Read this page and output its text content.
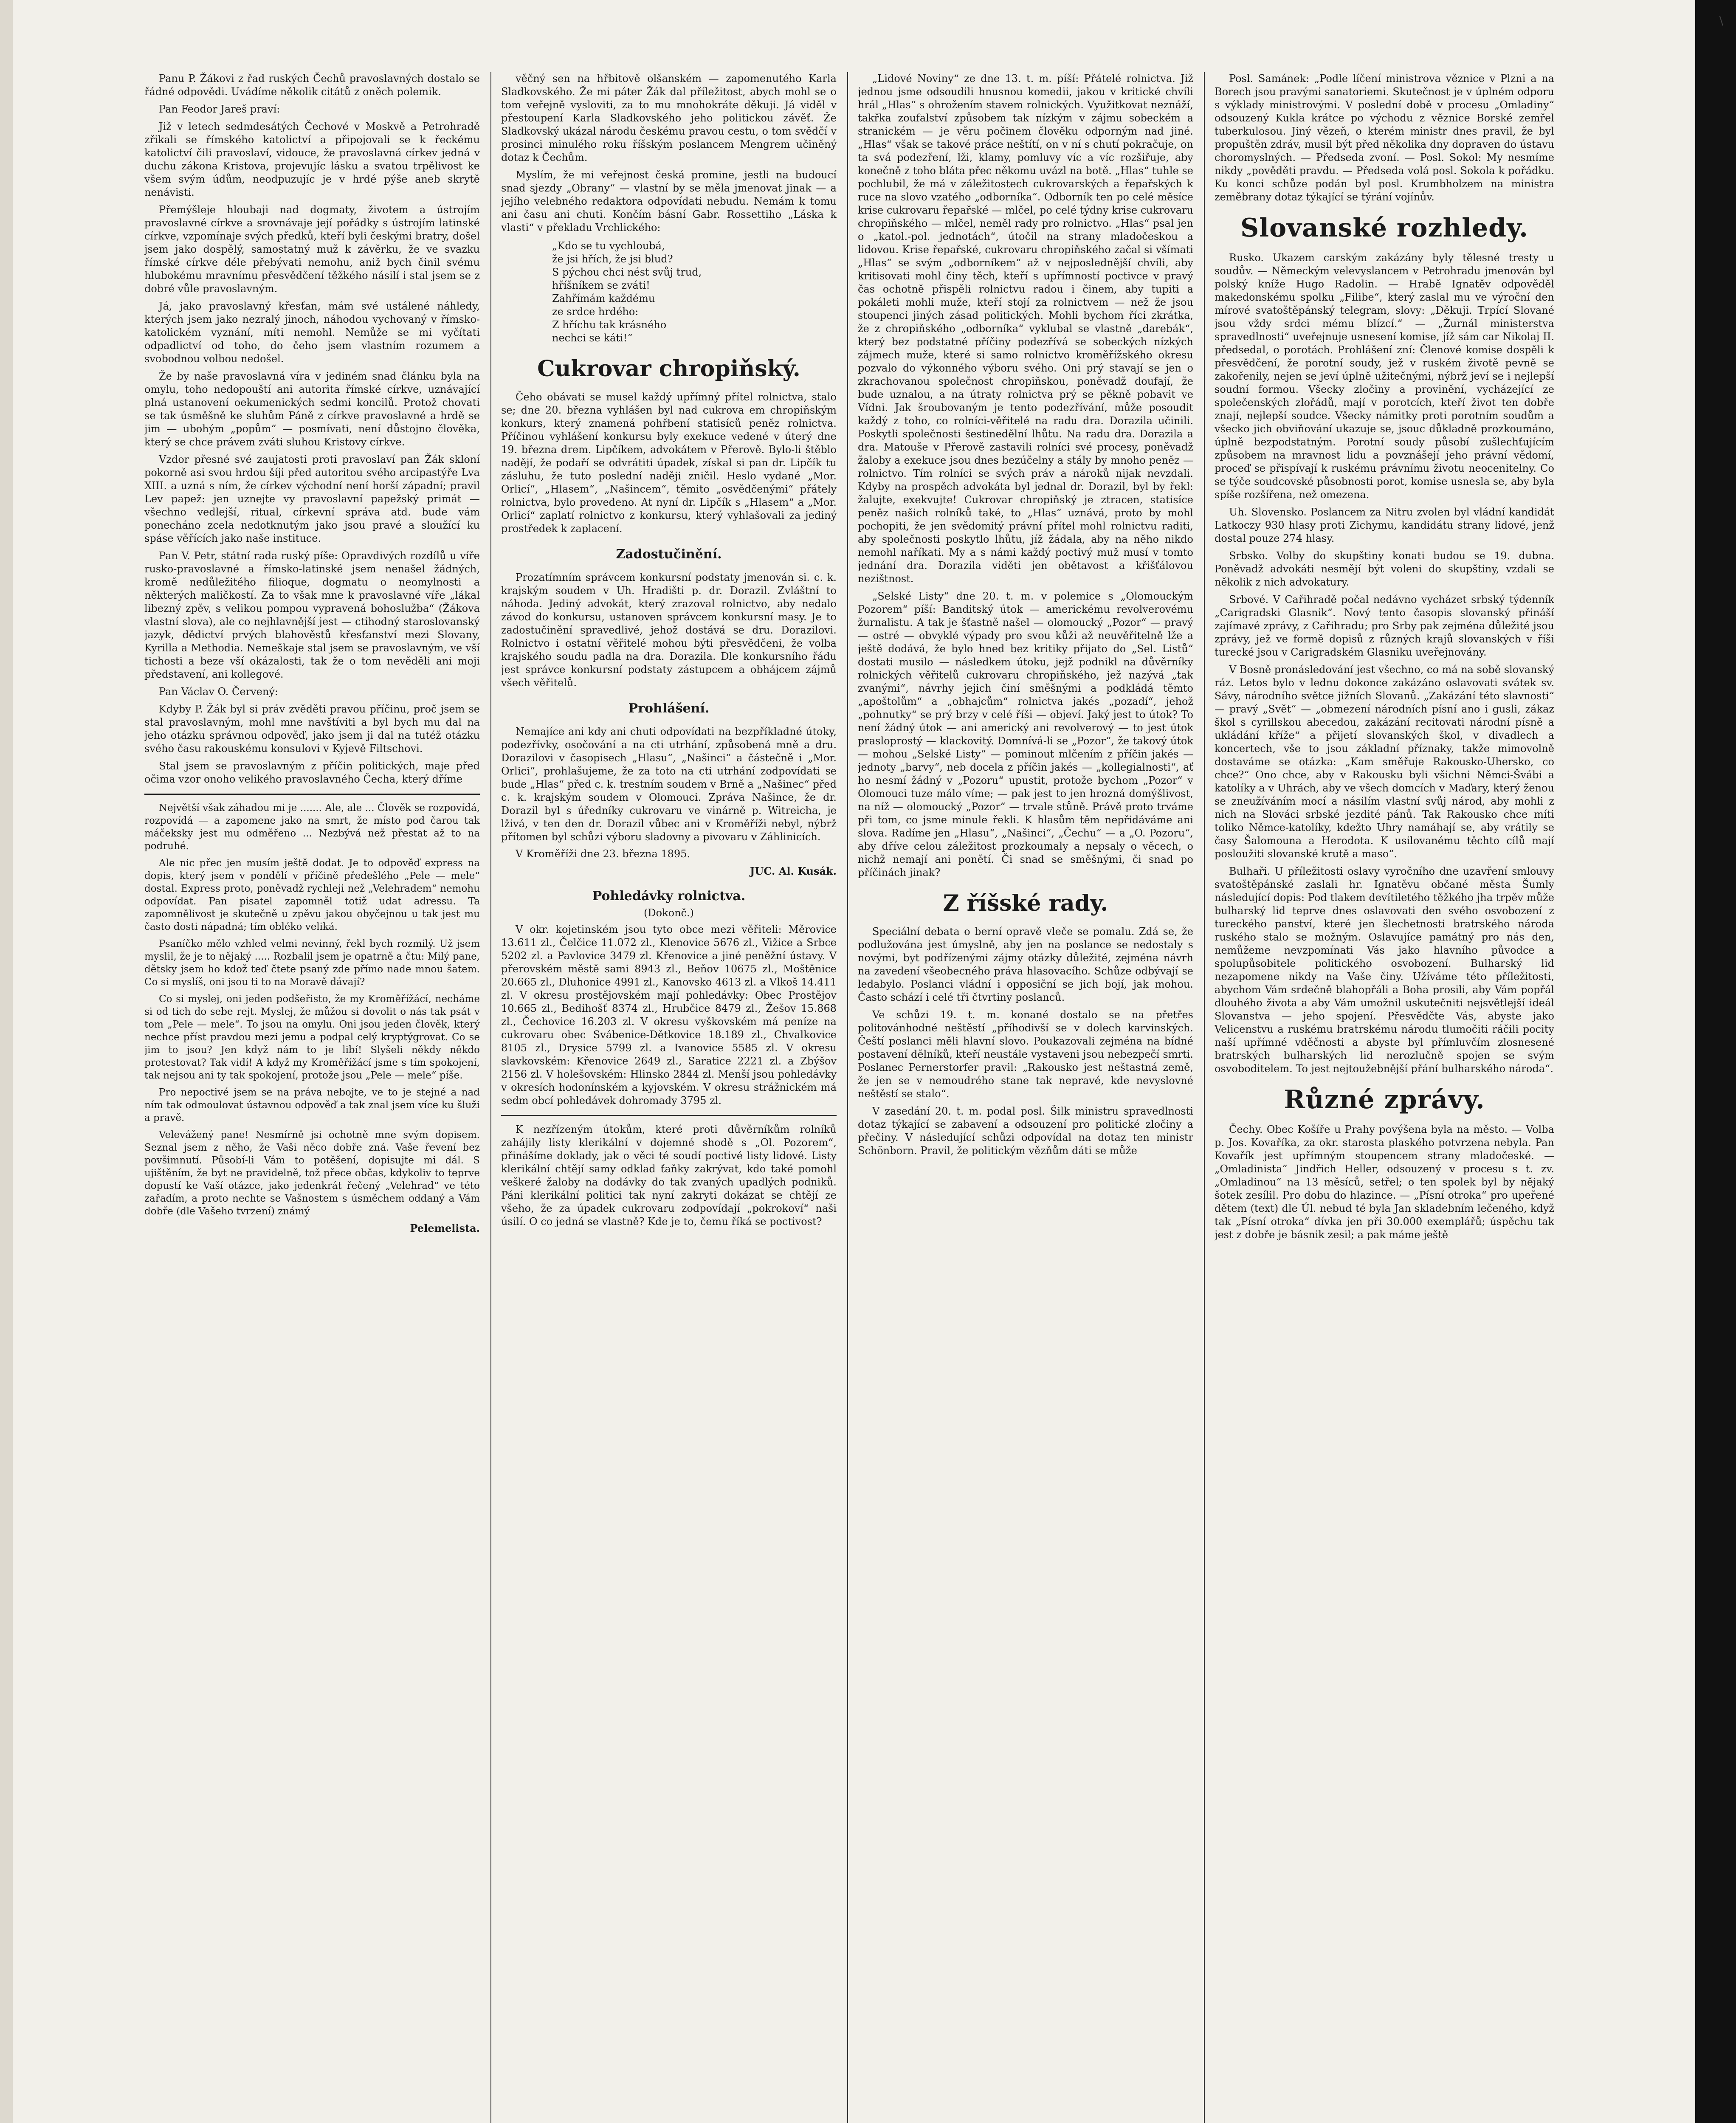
\

Panu P. Žákovi z řad ruských Čechů pravoslavných dostalo se řádné odpovědi. Uvádíme několik citátů z oněch polemik.

Pan Feodor Jareš praví:

Již v letech sedmdesátých Čechové v Moskvě a Petrohradě zřikali se římského katolictví a připojovali se k řeckému katolictví čili pravoslaví, vidouce, že pravoslavná církev jedná v duchu zákona Kristova, projevujíc lásku a svatou trpělivost ke všem svým údům, neodpuzujíc je v hrdé pýše aneb skrytě nenávisti.

Přemýšleje hloubaji nad dogmaty, životem a ústrojím pravoslavné církve a srovnávaje její pořádky s ústrojím latinské církve, vzpomínaje svých předků, kteří byli českými bratry, došel jsem jako dospělý, samostatný muž k závěrku, že ve svazku římské církve déle přebývati nemohu, aniž bych činil svému hlubokému mravnímu přesvědčení těžkého násilí i stal jsem se z dobré vůle pravoslavným.

Já, jako pravoslavný křesťan, mám své ustálené náhledy, kterých jsem jako nezralý jinoch, náhodou vychovaný v římsko-katolickém vyznání, míti nemohl. Nemůže se mi vyčítati odpadlictví od toho, do čeho jsem vlastním rozumem a svobodnou volbou nedošel.

Že by naše pravoslavná víra v jediném snad článku byla na omylu, toho nedopouští ani autorita římské církve, uznávající plná ustanovení oekumenických sedmi koncilů. Protož chovati se tak úsměšně ke sluhům Páně z církve pravoslavné a hrdě se jim — ubohým „popům“ — posmívati, není důstojno člověka, který se chce právem zváti sluhou Kristovy církve.

Vzdor přesné své zaujatosti proti pravoslaví pan Žák skloní pokorně asi svou hrdou šíji před autoritou svého arcipastýře Lva XIII. a uzná s ním, že církev východní není horší západní; pravil Lev papež: jen uznejte vy pravoslavní papežský primát — všechno vedlejší, ritual, církevní správa atd. bude vám ponecháno zcela nedotknutým jako jsou pravé a sloužící ku spáse věřících jako naše instituce.

Pan V. Petr, státní rada ruský píše: Opravdivých rozdílů u víře rusko-pravoslavné a římsko-latinské jsem nenašel žádných, kromě nedůležitého filioque, dogmatu o neomylnosti a některých maličkostí. Za to však mne k pravoslavné víře „lákal libezný zpěv, s velikou pompou vypravená bohoslužba“ (Žákova vlastní slova), ale co nejhlavnější jest — ctihodný staroslovanský jazyk, dědictví prvých blahověstů křesťanství mezi Slovany, Kyrilla a Methodia. Nemeškaje stal jsem se pravoslavným, ve vší tichosti a beze vší okázalosti, tak že o tom nevěděli ani moji představení, ani kollegové.

Pan Václav O. Červený:

Kdyby P. Žák byl si práv zvěděti pravou příčinu, proč jsem se stal pravoslavným, mohl mne navštíviti a byl bych mu dal na jeho otázku správnou odpověď, jako jsem ji dal na tutéž otázku svého času rakouskému konsulovi v Kyjevě Filtschovi.

Stal jsem se pravoslavným z příčin politických, maje před očima vzor onoho velikého pravoslavného Čecha, který dříme

Největší však záhadou mi je ....... Ale, ale ... Člověk se rozpovídá, rozpovídá — a zapomene jako na smrt, že místo pod čarou tak máčeksky jest mu odměřeno ... Nezbývá než přestat až to na podruhé.

Ale nic přec jen musím ještě dodat. Je to odpověď express na dopis, který jsem v pondělí v příčině předešlého „Pele — mele“ dostal. Express proto, poněvadž rychleji než „Velehradem“ nemohu odpovídat. Pan pisatel zapomněl totiž udat adressu. Ta zapomnělivost je skutečně u zpěvu jakou obyčejnou u tak jest mu často dosti nápadná; tím obléko veliká.

Psaníčko mělo vzhled velmi nevinný, řekl bych rozmilý. Už jsem myslil, že je to nějaký ..... Rozbalil jsem je opatrně a čtu: Milý pane, dětsky jsem ho kdož teď čtete psaný zde přímo nade mnou šatem. Co si myslíš, oni jsou ti to na Moravě dávají?

Co si myslej, oni jeden podšeřisto, že my Kroměřížácí, necháme si od tich do sebe rejt. Myslej, že můžou si dovolit o nás tak psát v tom „Pele — mele“. To jsou na omylu. Oni jsou jeden člověk, který nechce příst pravdou mezi jemu a podpal celý kryptýgrovat. Co se jim to jsou? Jen když nám to je libí! Slyšeli někdy někdo protestovat? Tak vidí! A když my Kroměřížácí jsme s tím spokojení, tak nejsou ani ty tak spokojení, protože jsou „Pele — mele“ píše.

Pro nepoctivé jsem se na práva nebojte, ve to je stejné a nad ním tak odmoulovat ústavnou odpověď a tak znal jsem více ku šluži a pravě.

Velevážený pane! Nesmírně jsi ochotně mne svým dopisem. Seznal jsem z něho, že Vaši něco dobře zná. Vaše řevení bez povšimnutí. Působí-li Vám to potěšení, dopisujte mi dál. S ujištěním, že byt ne pravidelně, tož přece občas, kdykoliv to teprve dopustí ke Vaší otázce, jako jedenkrát řečený „Velehrad“ ve této zařadím, a proto nechte se Vašnostem s úsměchem oddaný a Vám dobře (dle Vašeho tvrzení) známý

Pelemelista.

věčný sen na hřbitově olšanském — zapomenutého Karla Sladkovského. Že mi páter Žák dal příležitost, abych mohl se o tom veřejně vysloviti, za to mu mnohokráte děkuji. Já viděl v přestoupení Karla Sladkovského jeho politickou závěť. Že Sladkovský ukázal národu českému pravou cestu, o tom svědčí v prosinci minulého roku říšským poslancem Mengrem učiněný dotaz k Čechům.

Myslím, že mi veřejnost česká promine, jestli na budoucí snad sjezdy „Obrany“ — vlastní by se měla jmenovat jinak — a jejího velebného redaktora odpovídati nebudu. Nemám k tomu ani času ani chuti. Končím básní Gabr. Rossettiho „Láska k vlasti“ v překladu Vrchlického:

„Kdo se tu vychloubá,
že jsi hřích, že jsi blud?
S pýchou chci nést svůj trud,
hříšníkem se zváti!
Zahřímám každému
ze srdce hrdého:
Z hříchu tak krásného
nechci se káti!“
Cukrovar chropiňský.

Čeho obávati se musel každý upřímný přítel rolnictva, stalo se; dne 20. března vyhlášen byl nad cukrova em chropiňským konkurs, který znamená pohřbení statisíců peněz rolnictva. Příčinou vyhlášení konkursu byly exekuce vedené v úterý dne 19. března drem. Lipčíkem, advokátem v Přerově. Bylo-li štěblo nadějí, že podaří se odvrátiti úpadek, získal si pan dr. Lipčík tu zásluhu, že tuto poslední naději zničil. Heslo vydané „Mor. Orlicí“, „Hlasem“, „Našincem“, těmito „osvědčenými“ přátely rolnictva, bylo provedeno. At nyní dr. Lipčík s „Hlasem“ a „Mor. Orlicí“ zaplatí rolnictvo z konkursu, který vyhlašovali za jediný prostředek k zaplacení.

Zadostučinění.

Prozatímním správcem konkursní podstaty jmenován si. c. k. krajským soudem v Uh. Hradišti p. dr. Dorazil. Zvláštní to náhoda. Jediný advokát, který zrazoval rolnictvo, aby nedalo závod do konkursu, ustanoven správcem konkursní masy. Je to zadostučinění spravedlivé, jehož dostává se dru. Dorazilovi. Rolnictvo i ostatní věřitelé mohou býti přesvědčeni, že volba krajského soudu padla na dra. Dorazila. Dle konkursního řádu jest správce konkursní podstaty zástupcem a obhájcem zájmů všech věřitelů.

Prohlášení.

Nemajíce ani kdy ani chuti odpovídati na bezpříkladné útoky, podezřívky, osočování a na cti utrhání, způsobená mně a dru. Dorazilovi v časopisech „Hlasu“, „Našinci“ a částečně i „Mor. Orlici“, prohlašujeme, že za toto na cti utrhání zodpovídati se bude „Hlas“ před c. k. trestním soudem v Brně a „Našinec“ před c. k. krajským soudem v Olomouci. Zpráva Našince, že dr. Dorazil byl s úředníky cukrovaru ve vinárně p. Witreicha, je lživá, v ten den dr. Dorazil vůbec ani v Kroměříži nebyl, nýbrž přítomen byl schůzi výboru sladovny a pivovaru v Záhlinicích.

V Kroměříži dne 23. března 1895.

JUC. Al. Kusák.

Pohledávky rolnictva.

(Dokonč.)

V okr. kojetinském jsou tyto obce mezi věřiteli: Měrovice 13.611 zl., Čelčice 11.072 zl., Klenovice 5676 zl., Vižice a Srbce 5202 zl. a Pavlovice 3479 zl. Křenovice a jiné peněžní ústavy. V přerovském městě sami 8943 zl., Beňov 10675 zl., Moštěnice 20.665 zl., Dluhonice 4991 zl., Kanovsko 4613 zl. a Vlkoš 14.411 zl. V okresu prostějovském mají pohledávky: Obec Prostějov 10.665 zl., Bedihošť 8374 zl., Hrubčice 8479 zl., Žešov 15.868 zl., Čechovice 16.203 zl. V okresu vyškovském má peníze na cukrovaru obec Svábenice-Dětkovice 18.189 zl., Chvalkovice 8105 zl., Drysice 5799 zl. a Ivanovice 5585 zl. V okresu slavkovském: Křenovice 2649 zl., Saratice 2221 zl. a Zbýšov 2156 zl. V holešovském: Hlinsko 2844 zl. Menší jsou pohledávky v okresích hodonínském a kyjovském. V okresu strážnickém má sedm obcí pohledávek dohromady 3795 zl.

K nezřízeným útokům, které proti důvěrníkům rolníků zahájily listy klerikální v dojemné shodě s „Ol. Pozorem“, přinášíme doklady, jak o věci té soudí poctivé listy lidové. Listy klerikální chtějí samy odklad ťaňky zakrývat, kdo také pomohl veškeré žaloby na dodávky do tak zvaných upadlých podniků. Páni klerikální politici tak nyní zakryti dokázat se chtějí ze všeho, že za úpadek cukrovaru zodpovídají „pokrokoví“ naši úsilí. O co jedná se vlastně? Kde je to, čemu říká se poctivost?

„Lidové Noviny“ ze dne 13. t. m. píší: Přátelé rolnictva. Již jednou jsme odsoudili hnusnou komedii, jakou v kritické chvíli hrál „Hlas“ s ohrožením stavem rolnických. Využitkovat neznáží, takřka zoufalství způsobem tak nízkým v zájmu sobeckém a stranickém — je věru počinem člověku odporným nad jiné. „Hlas“ však se takové práce neštítí, on v ní s chutí pokračuje, on ta svá podezření, lži, klamy, pomluvy víc a víc rozšiřuje, aby konečně z toho bláta přec někomu uvázl na botě. „Hlas“ tuhle se pochlubil, že má v záležitostech cukrovarských a řepařských k ruce na slovo vzatého „odborníka“. Odborník ten po celé měsíce krise cukrovaru řepařské — mlčel, po celé týdny krise cukrovaru chropiňského — mlčel, neměl rady pro rolnictvo. „Hlas“ psal jen o „katol.-pol. jednotách“, útočil na strany mladočeskou a lidovou. Krise řepařské, cukrovaru chropiňského začal si všímati „Hlas“ se svým „odborníkem“ až v nejposlednější chvíli, aby kritisovati mohl činy těch, kteří s upřímností poctivce v pravý čas ochotně přispěli rolnictvu radou i činem, aby tupiti a pokáleti mohli muže, kteří stojí za rolnictvem — než že jsou stoupenci jiných zásad politických. Mohli bychom říci zkrátka, že z chropiňského „odborníka“ vyklubal se vlastně „darebák“, který bez podstatné příčiny podezřívá se sobeckých nízkých zájmech muže, které si samo rolnictvo kroměřížského okresu pozvalo do výkonného výboru svého. Oni prý stavají se jen o zkrachovanou společnost chropiňskou, poněvadž doufají, že bude uznalou, a na útraty rolnictva prý se pěkně pobavit ve Vídni. Jak šroubovaným je tento podezřívání, může posoudit každý z toho, co rolníci-věřitelé na radu dra. Dorazila učinili. Poskytli společnosti šestinedělní lhůtu. Na radu dra. Dorazila a dra. Matouše v Přerově zastavili rolníci své procesy, poněvadž žaloby a exekuce jsou dnes bezúčelny a stály by mnoho peněz — rolnictvo. Tím rolníci se svých práv a nároků nijak nevzdali. Kdyby na prospěch advokáta byl jednal dr. Dorazil, byl by řekl: žalujte, exekvujte! Cukrovar chropiňský je ztracen, statisíce peněz našich rolníků také, to „Hlas“ uznává, proto by mohl pochopiti, že jen svědomitý právní přítel mohl rolnictvu raditi, aby společnosti poskytlo lhůtu, jíž žádala, aby na něho nikdo nemohl naříkati. My a s námi každý poctivý muž musí v tomto jednání dra. Dorazila viděti jen obětavost a křišťálovou nezištnost.

„Selské Listy“ dne 20. t. m. v polemice s „Olomouckým Pozorem“ píší: Banditský útok — americkému revolverovému žurnalistu. A tak je šťastně našel — olomoucký „Pozor“ — pravý — ostré — obvyklé výpady pro svou kůži až neuvěřitelně lže a ještě dodává, že bylo hned bez kritiky přijato do „Sel. Listů“ dostati musilo — následkem útoku, jejž podnikl na důvěrníky rolnických věřitelů cukrovaru chropiňského, jež nazývá „tak zvanými“, návrhy jejich činí směšnými a podkládá těmto „apoštolům“ a „obhajcům“ rolnictva jakés „pozadí“, jehož „pohnutky“ se prý brzy v celé říši — objeví. Jaký jest to útok? To není žádný útok — ani americký ani revolverový — to jest útok prasloprostý — klackovitý. Domnívá-li se „Pozor“, že takový útok — mohou „Selské Listy“ — pominout mlčením z příčin jakés — jednoty „barvy“, neb docela z příčin jakés — „kollegialnosti“, ať ho nesmí žádný v „Pozoru“ upustit, protože bychom „Pozor“ v Olomouci tuze málo víme; — pak jest to jen hrozná domýšlivost, na níž — olomoucký „Pozor“ — trvale stůně. Právě proto trváme při tom, co jsme minule řekli. K hlasům těm nepřidáváme ani slova. Radíme jen „Hlasu“, „Našinci“, „Čechu“ — a „O. Pozoru“, aby dříve celou záležitost prozkoumaly a nepsaly o věcech, o nichž nemají ani ponětí. Či snad se směšnými, či snad po příčinách jinak?

Z říšské rady.

Speciální debata o berní opravě vleče se pomalu. Zdá se, že podlužována jest úmyslně, aby jen na poslance se nedostaly s novými, byt podřízenými zájmy otázky důležité, zejména návrh na zavedení všeobecného práva hlasovacího. Schůze odbývají se ledabylo. Poslanci vládní i opposiční se jich bojí, jak mohou. Často schází i celé tři čtvrtiny poslanců.

Ve schůzi 19. t. m. konané dostalo se na přetřes politovánhodné neštěstí „příhodivší se v dolech karvinských. Čeští poslanci měli hlavní slovo. Poukazovali zejména na bídné postavení dělníků, kteří neustále vystaveni jsou nebezpečí smrti. Poslanec Pernerstorfer pravil: „Rakousko jest neštastná země, že jen se v nemoudrého stane tak nepravé, kde nevyslovné neštěstí se stalo“.

V zasedání 20. t. m. podal posl. Šilk ministru spravedlnosti dotaz týkající se zabavení a odsouzení pro politické zločiny a přečiny. V následující schůzi odpovídal na dotaz ten ministr Schönborn. Pravil, že politickým vězňům dáti se může

Posl. Samánek: „Podle líčení ministrova věznice v Plzni a na Borech jsou pravými sanatoriemi. Skutečnost je v úplném odporu s výklady ministrovými. V poslední době v procesu „Omladiny“ odsouzený Kukla krátce po východu z věznice Borské zemřel tuberkulosou. Jiný vězeň, o kterém ministr dnes pravil, že byl propuštěn zdráv, musil být před několika dny dopraven do ústavu choromyslných. — Předseda zvoní. — Posl. Sokol: My nesmíme nikdy „pověděti pravdu. — Předseda volá posl. Sokola k pořádku. Ku konci schůze podán byl posl. Krumbholzem na ministra zeměbrany dotaz týkající se týrání vojínův.

Slovanské rozhledy.

Rusko. Ukazem carským zakázány byly tělesné tresty u soudův. — Německým velevyslancem v Petrohradu jmenován byl polský kníže Hugo Radolin. — Hrabě Ignatěv odpověděl makedonskému spolku „Filibe“, který zaslal mu ve výroční den mírové svatoštěpánský telegram, slovy: „Děkuji. Trpící Slované jsou vždy srdci mému blízcí.“ — „Žurnál ministerstva spravedlnosti“ uveřejnuje usnesení komise, jíž sám car Nikolaj II. předsedal, o porotách. Prohlášení zní: Členové komise dospěli k přesvědčení, že porotní soudy, jež v ruském životě pevně se zakořenily, nejen se jeví úplně užitečnými, nýbrž jeví se i nejlepší soudní formou. Všecky zločiny a provinění, vycházející ze společenských zlořádů, mají v porotcích, kteří život ten dobře znají, nejlepší soudce. Všecky námitky proti porotním soudům a všecko jich obviňování ukazuje se, jsouc důkladně prozkoumáno, úplně bezpodstatným. Porotní soudy působí zušlechťujícím způsobem na mravnost lidu a povznášejí jeho právní vědomí, proceď se přispívají k ruskému právnímu životu neocenitelny. Co se týče soudcovské působnosti porot, komise usnesla se, aby byla spíše rozšířena, než omezena.

Uh. Slovensko. Poslancem za Nitru zvolen byl vládní kandidát Latkoczy 930 hlasy proti Zichymu, kandidátu strany lidové, jenž dostal pouze 274 hlasy.

Srbsko. Volby do skupštiny konati budou se 19. dubna. Poněvadž advokáti nesmějí být voleni do skupštiny, vzdali se několik z nich advokatury.

Srbové. V Cařihradě počal nedávno vycházet srbský týdenník „Carigradski Glasnik“. Nový tento časopis slovanský přináší zajímavé zprávy, z Cařihradu; pro Srby pak zejména důležité jsou zprávy, jež ve formě dopisů z různých krajů slovanských v říši turecké jsou v Carigradském Glasniku uveřejnovány.

V Bosně pronásledování jest všechno, co má na sobě slovanský ráz. Letos bylo v lednu dokonce zakázáno oslavovati svátek sv. Sávy, národního světce jižních Slovanů. „Zakázání této slavnosti“ — pravý „Svět“ — „obmezení národních písní ano i gusli, zákaz škol s cyrillskou abecedou, zakázání recitovati národní písně a ukládání kříže“ a přijetí slovanských škol, v divadlech a koncertech, vše to jsou základní příznaky, takže mimovolně dostaváme se otázka: „Kam směřuje Rakousko-Uhersko, co chce?“ Ono chce, aby v Rakousku byli všichni Němci-Švábi a katolíky a v Uhrách, aby ve všech domcích v Maďary, který ženou se zneužíváním mocí a násilím vlastní svůj národ, aby mohli z nich na Slováci srbské jezdité pánů. Tak Rakousko chce míti toliko Němce-katolíky, kdežto Uhry namáhají se, aby vrátily se časy Šalomouna a Herodota. K usilovanému těchto cílů mají posloužiti slovanské krutě a maso“.

Bulhaři. U příležitosti oslavy vyročního dne uzavření smlouvy svatoštěpánské zaslali hr. Ignatěvu občané města Šumly následující dopis: Pod tlakem devítiletého těžkého jha trpěv může bulharský lid teprve dnes oslavovati den svého osvobození z tureckého panství, které jen šlechetnosti bratrského národa ruského stalo se možným. Oslavujíce památný pro nás den, nemůžeme nevzpomínati Vás jako hlavního původce a spolupůsobitele politického osvobození. Bulharský lid nezapomene nikdy na Vaše činy. Užíváme této příležitosti, abychom Vám srdečně blahopřáli a Boha prosili, aby Vám popřál dlouhého života a aby Vám umožnil uskutečniti nejsvětlejší ideál Slovanstva — jeho spojení. Přesvědčte Vás, abyste jako Velicenstvu a ruskému bratrskému národu tlumočiti ráčili pocity naší upřímné vděčnosti a abyste byl přímluvčím zlosnesené bratrských bulharských lid nerozlučně spojen se svým osvoboditelem. To jest nejtoužebnější přání bulharského národa“.

Různé zprávy.

Čechy. Obec Košíře u Prahy povýšena byla na město. — Volba p. Jos. Kovaříka, za okr. starosta plaského potvrzena nebyla. Pan Kovařík jest upřímným stoupencem strany mladočeské. — „Omladinista“ Jindřich Heller, odsouzený v procesu s t. zv. „Omladinou“ na 13 měsíců, setřel; o ten spolek byl by nějaký šotek zesílil. Pro dobu do hlazince. — „Písní otroka“ pro upeřené dětem (text) dle Úl. nebud té byla Jan skladebním lečeného, když tak „Písní otroka“ dívka jen při 30.000 exemplářů; úspěchu tak jest z dobře je básnik zesil; a pak máme ještě
